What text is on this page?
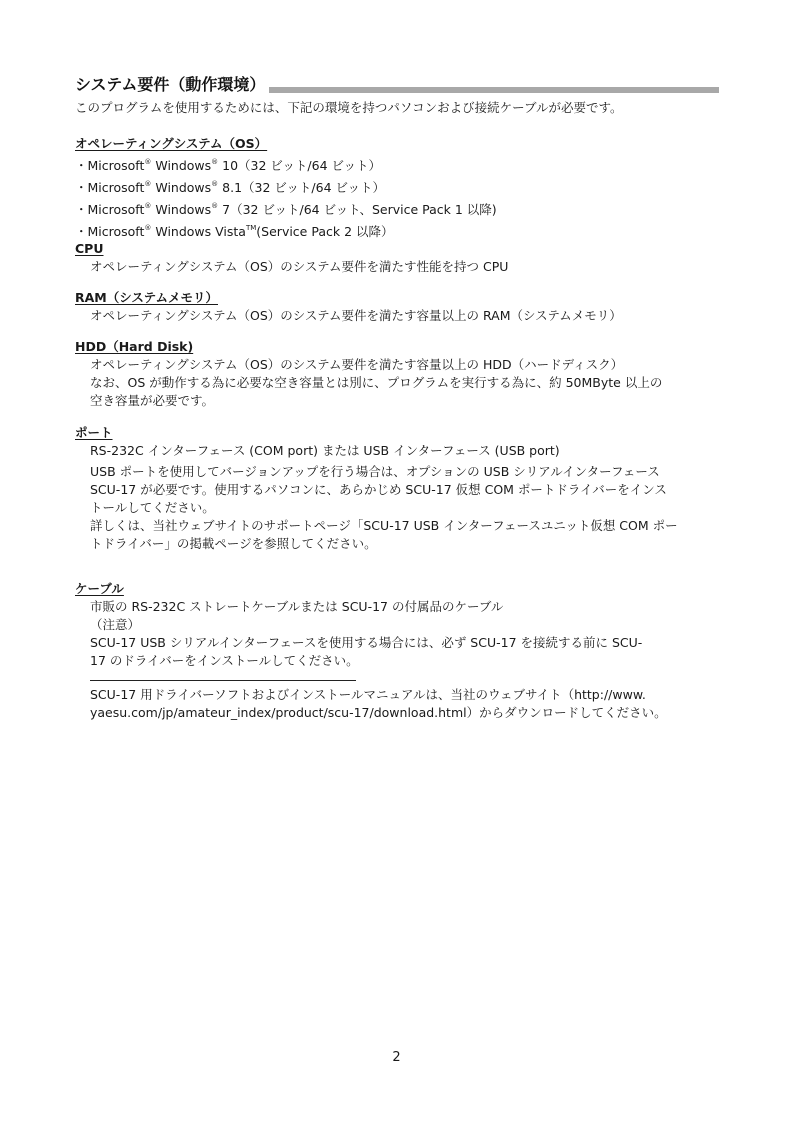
システム要件（動作環境）

このプログラムを使用するためには、下記の環境を持つパソコンおよび接続ケーブルが必要です。

オペレーティングシステム（OS）
・Microsoft® Windows® 10（32 ビット/64 ビット）
・Microsoft® Windows® 8.1（32 ビット/64 ビット）
・Microsoft® Windows® 7（32 ビット/64 ビット、Service Pack 1 以降)
・Microsoft® Windows Vista™(Service Pack 2 以降）
CPU

オペレーティングシステム（OS）のシステム要件を満たす性能を持つ CPU

RAM（システムメモリ）

オペレーティングシステム（OS）のシステム要件を満たす容量以上の RAM（システムメモリ）

HDD（Hard Disk)

オペレーティングシステム（OS）のシステム要件を満たす容量以上の HDD（ハードディスク）

なお、OS が動作する為に必要な空き容量とは別に、プログラムを実行する為に、約 50MByte 以上の

空き容量が必要です。

ポート

RS-232C インターフェース (COM port) または USB インターフェース (USB port)

USB ポートを使用してバージョンアップを行う場合は、オプションの USB シリアルインターフェース

SCU-17 が必要です。使用するパソコンに、あらかじめ SCU-17 仮想 COM ポートドライバーをインス

トールしてください。

詳しくは、当社ウェブサイトのサポートページ「SCU-17 USB インターフェースユニット仮想 COM ポー

トドライバー」の掲載ページを参照してください。

ケーブル

市販の RS-232C ストレートケーブルまたは SCU-17 の付属品のケーブル

（注意）

SCU-17 USB シリアルインターフェースを使用する場合には、必ず SCU-17 を接続する前に SCU-

17 のドライバーをインストールしてください。

SCU-17 用ドライバーソフトおよびインストールマニュアルは、当社のウェブサイト（http://www.

yaesu.com/jp/amateur_index/product/scu-17/download.html）からダウンロードしてください。

2
